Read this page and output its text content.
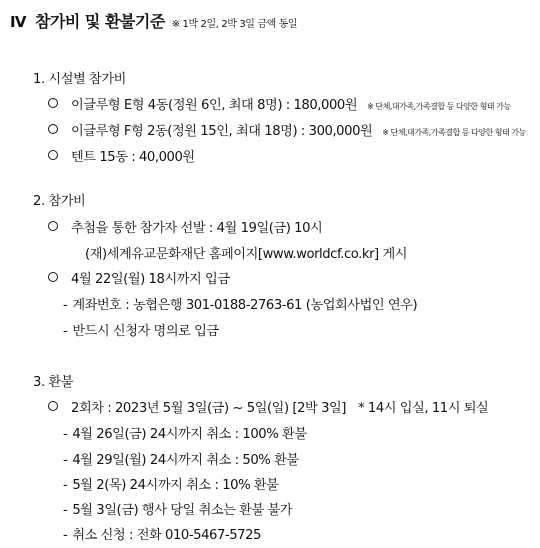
Ⅳ 참가비 및 환불기준 ※ 1박 2일, 2박 3일 금액 동일
1. 시설별 참가비
이글루형 E형 4동(정원 6인, 최대 8명) : 180,000원 ※ 단체,대가족,가족결합 등 다양한 형태 가능
이글루형 F형 2동(정원 15인, 최대 18명) : 300,000원 ※ 단체,대가족,가족결합 등 다양한 형태 가능
텐트 15동 : 40,000원
2. 참가비
추첨을 통한 참가자 선발 : 4월 19일(금) 10시
(재)세계유교문화재단 홈페이지[www.worldcf.co.kr] 게시
4월 22일(월) 18시까지 입금
- 계좌번호 : 농협은행 301-0188-2763-61 (농업회사법인 연우)
- 반드시 신청자 명의로 입금
3. 환불
2회차 : 2023년 5월 3일(금) ~ 5일(일) [2박 3일] * 14시 입실, 11시 퇴실
- 4월 26일(금) 24시까지 취소 : 100% 환불
- 4월 29일(월) 24시까지 취소 : 50% 환불
- 5월 2(목) 24시까지 취소 : 10% 환불
- 5월 3일(금) 행사 당일 취소는 환불 불가
- 취소 신청 : 전화 010-5467-5725
